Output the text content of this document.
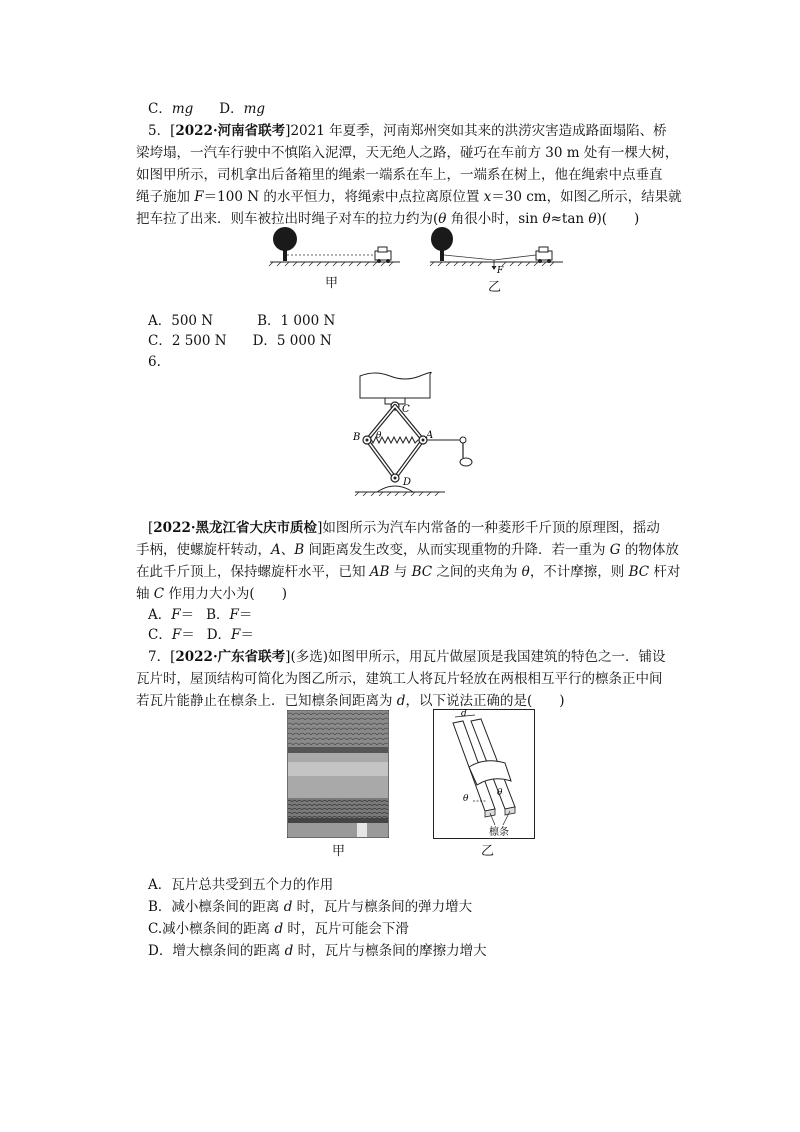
C．mg D．mg
5．[2022·河南省联考]2021 年夏季，河南郑州突如其来的洪涝灾害造成路面塌陷、桥
梁垮塌，一汽车行驶中不慎陷入泥潭，天无绝人之路，碰巧在车前方 30 m 处有一棵大树，
如图甲所示，司机拿出后备箱里的绳索一端系在车上，一端系在树上，他在绳索中点垂直
绳子施加 F＝100 N 的水平恒力，将绳索中点拉离原位置 x＝30 cm，如图乙所示，结果就
把车拉了出来．则车被拉出时绳子对车的拉力约为(θ 角很小时，sin θ≈tan θ)(　　)
甲
F
乙
A．500 N	B．1 000 N
C．2 500 N D．5 000 N
6.
C
B θ	A
D
[2022·黑龙江省大庆市质检]如图所示为汽车内常备的一种菱形千斤顶的原理图，摇动
手柄，使螺旋杆转动，A、B 间距离发生改变，从而实现重物的升降．若一重为 G 的物体放
在此千斤顶上，保持螺旋杆水平，已知 AB 与 BC 之间的夹角为 θ，不计摩擦，则 BC 杆对
轴 C 作用力大小为(　　)
A．F＝ B．F＝
C．F＝ D．F＝
7．[2022·广东省联考](多选)如图甲所示，用瓦片做屋顶是我国建筑的特色之一．铺设
瓦片时，屋顶结构可简化为图乙所示，建筑工人将瓦片轻放在两根相互平行的檩条正中间
若瓦片能静止在檩条上．已知檩条间距离为 d，以下说法正确的是(　　)
甲
d
θ
θ
檩条
乙
A．瓦片总共受到五个力的作用
B．减小檩条间的距离 d 时，瓦片与檩条间的弹力增大
C.减小檩条间的距离 d 时，瓦片可能会下滑
D．增大檩条间的距离 d 时，瓦片与檩条间的摩擦力增大
